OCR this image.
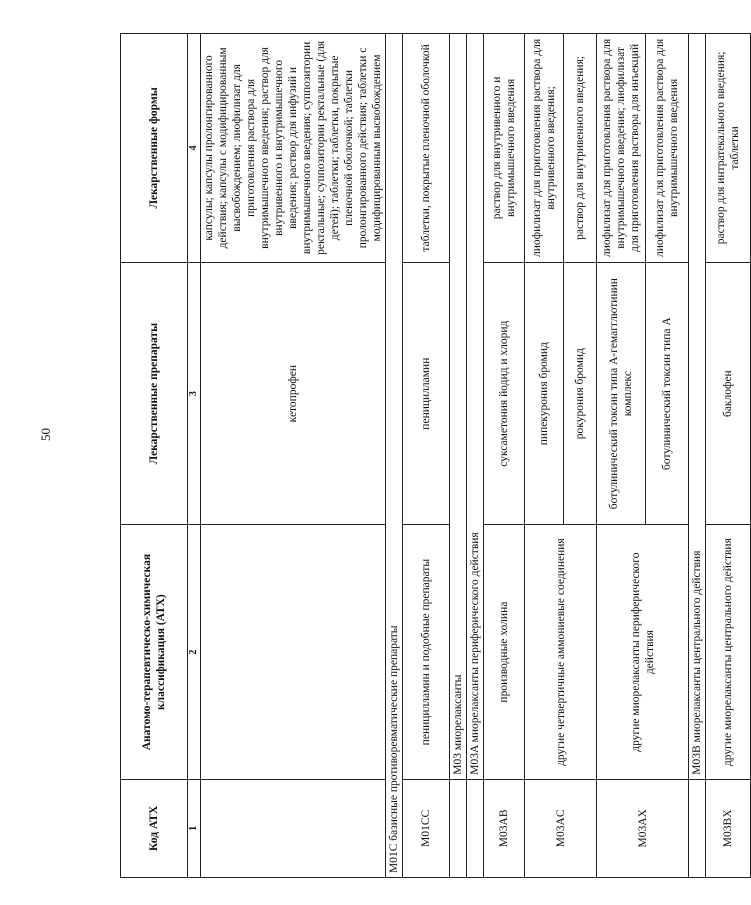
50
Код АТХ	Анатомо-терапевтическо-химическая классификация (АТХ)	Лекарственные препараты	Лекарственные формы
1	2	3	4
		кетопрофен	капсулы; капсулы пролонгированного действия; капсулы с модифицированным высвобождением; лиофилизат для приготовления раствора для внутримышечного введения; раствор для внутривенного и внутримышечного введения; раствор для инфузий и внутримышечного введения; суппозитории ректальные; суппозитории ректальные (для детей); таблетки; таблетки, покрытые пленочной оболочкой; таблетки пролонгированного действия; таблетки с модифицированным высвобождением
M01C базисные противоревматические препараты			
M01CC	пеницилламин и подобные препараты	пеницилламин	таблетки, покрытые пленочной оболочкой
	M03 миорелаксанты		
	M03A миорелаксанты периферического действия		
M03AB	производные холина	суксаметония йодид и хлорид	раствор для внутривенного и внутримышечного введения
M03AC	другие четвертичные аммониевые соединения	пипекурония бромид	лиофилизат для приготовления раствора для внутривенного введения;
		рокурония бромид	раствор для внутривенного введения;
M03AX	другие миорелаксанты периферического действия	ботулинический токсин типа А-гемагглютинин комплекс	лиофилизат для приготовления раствора для внутримышечного введения; лиофилизат для приготовления раствора для инъекций
		ботулинический токсин типа А	лиофилизат для приготовления раствора для внутримышечного введения
	M03B миорелаксанты центрального действия		
M03BX	другие миорелаксанты центрального действия	баклофен	раствор для интратекального введения; таблетки
